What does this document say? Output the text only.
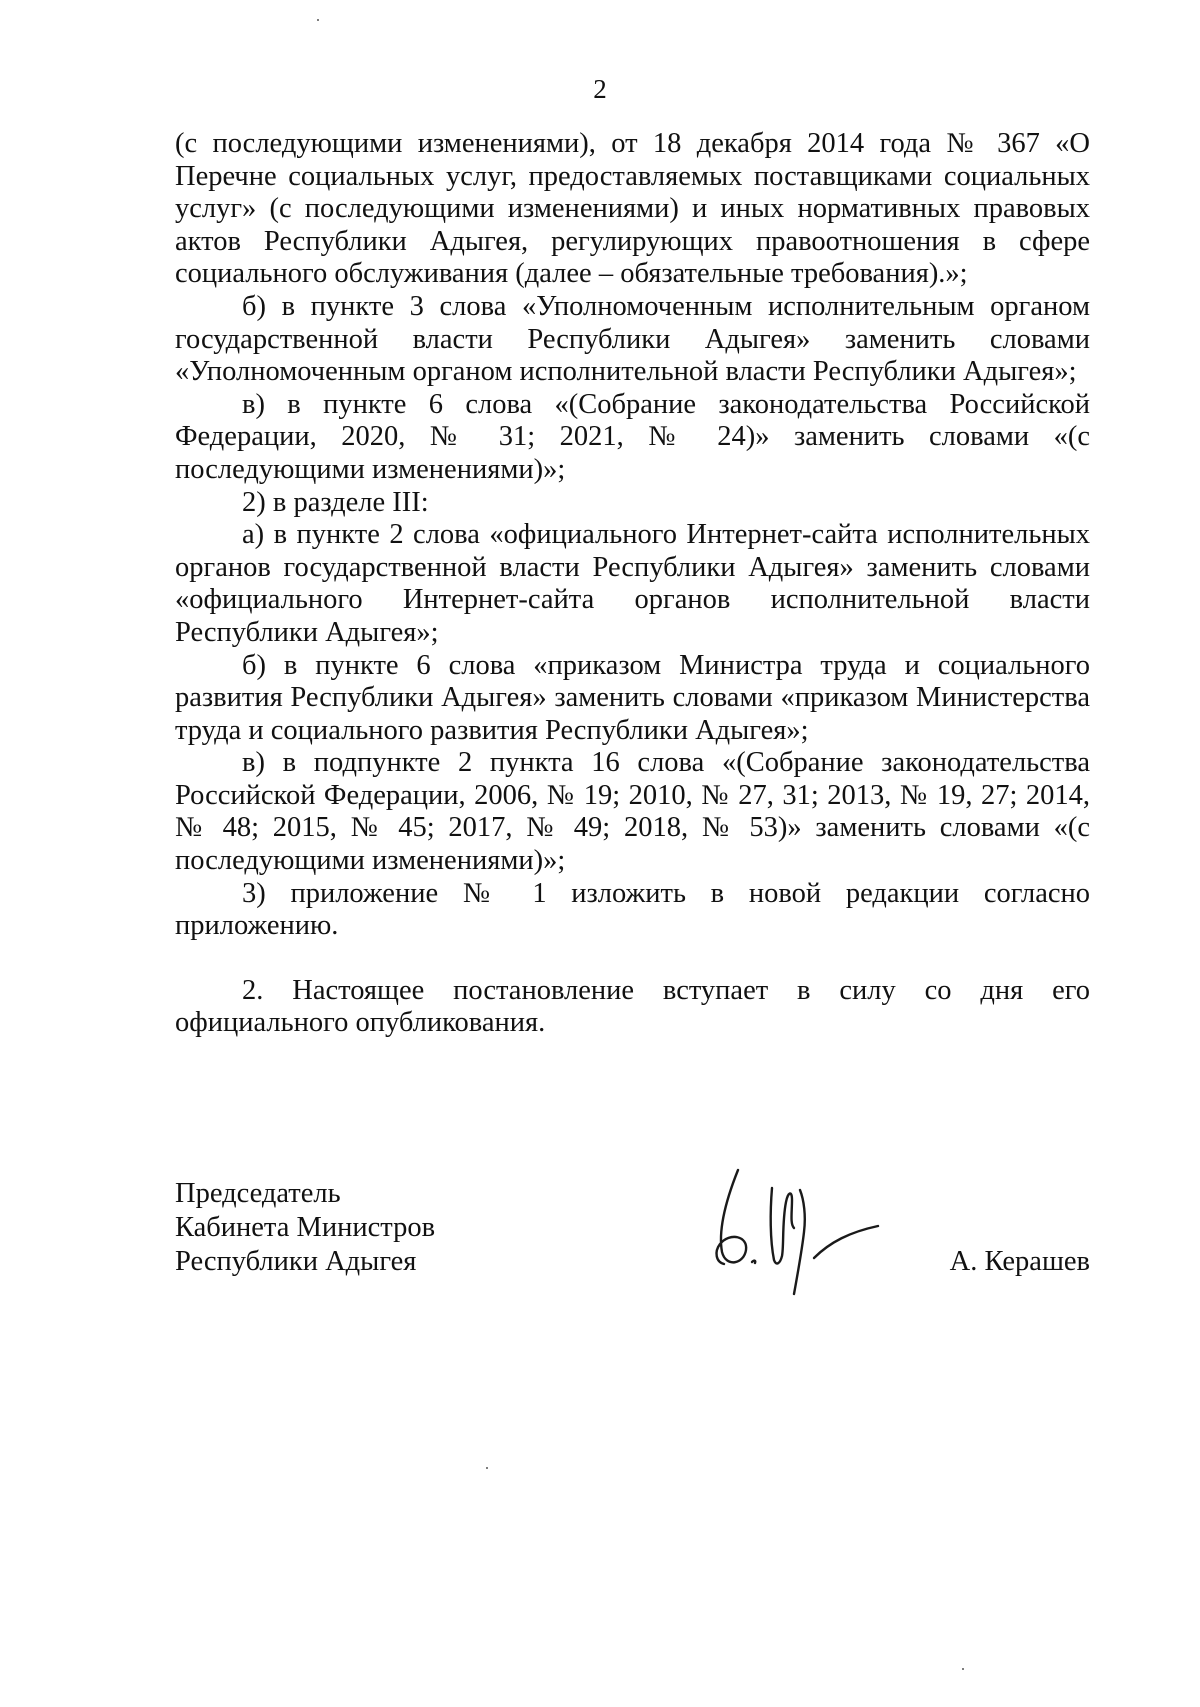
2

(с последующими изменениями), от 18 декабря 2014 года № 367 «О Перечне социальных услуг, предоставляемых поставщиками социальных услуг» (с последующими изменениями) и иных нормативных правовых актов Республики Адыгея, регулирующих правоотношения в сфере социального обслуживания (далее – обязательные требования).»;

б) в пункте 3 слова «Уполномоченным исполнительным органом государственной власти Республики Адыгея» заменить словами «Уполномоченным органом исполнительной власти Республики Адыгея»;

в) в пункте 6 слова «(Собрание законодательства Российской Федерации, 2020, № 31; 2021, № 24)» заменить словами «(с последующими изменениями)»;

2) в разделе III:

а) в пункте 2 слова «официального Интернет-сайта исполнительных органов государственной власти Республики Адыгея» заменить словами «официального Интернет-сайта органов исполнительной власти Республики Адыгея»;

б) в пункте 6 слова «приказом Министра труда и социального развития Республики Адыгея» заменить словами «приказом Министерства труда и социального развития Республики Адыгея»;

в) в подпункте 2 пункта 16 слова «(Собрание законодательства Российской Федерации, 2006, № 19; 2010, № 27, 31; 2013, № 19, 27; 2014, № 48; 2015, № 45; 2017, № 49; 2018, № 53)» заменить словами «(с последующими изменениями)»;

3) приложение № 1 изложить в новой редакции согласно приложению.

2. Настоящее постановление вступает в силу со дня его официального опубликования.

Председатель
Кабинета Министров
Республики Адыгея	А. Керашев
